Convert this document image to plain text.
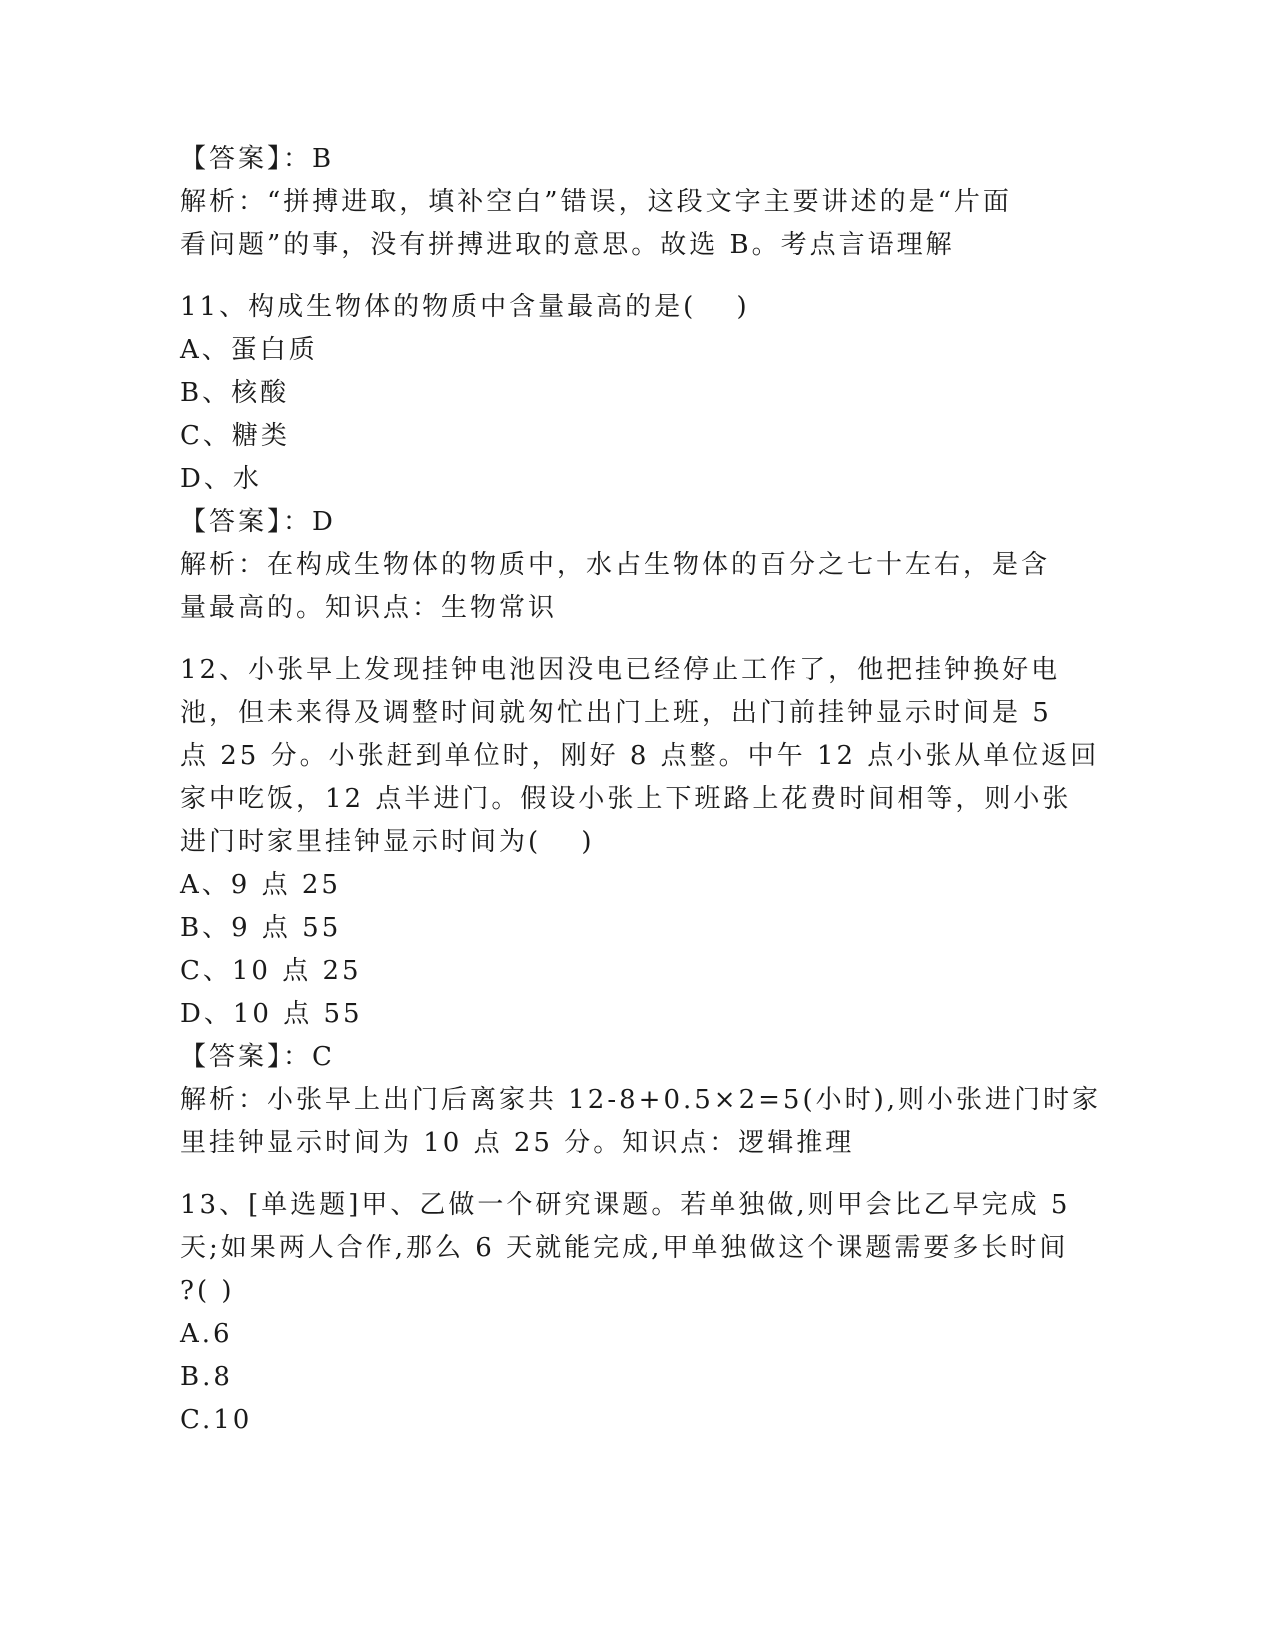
【答案】：B
解析：“拼搏进取，填补空白”错误，这段文字主要讲述的是“片面
看问题”的事，没有拼搏进取的意思。故选 B。考点言语理解
11、构成生物体的物质中含量最高的是(　 )
A、蛋白质
B、核酸
C、糖类
D、水
【答案】：D
解析：在构成生物体的物质中，水占生物体的百分之七十左右，是含
量最高的。知识点：生物常识
12、小张早上发现挂钟电池因没电已经停止工作了，他把挂钟换好电
池，但未来得及调整时间就匆忙出门上班，出门前挂钟显示时间是 5
点 25 分。小张赶到单位时，刚好 8 点整。中午 12 点小张从单位返回
家中吃饭，12 点半进门。假设小张上下班路上花费时间相等，则小张
进门时家里挂钟显示时间为(　 )
A、9 点 25
B、9 点 55
C、10 点 25
D、10 点 55
【答案】：C
解析：小张早上出门后离家共 12-8+0.5×2=5(小时),则小张进门时家
里挂钟显示时间为 10 点 25 分。知识点：逻辑推理
13、[单选题]甲、乙做一个研究课题。若单独做,则甲会比乙早完成 5
天;如果两人合作,那么 6 天就能完成,甲单独做这个课题需要多长时间
?( )
A.6
B.8
C.10
